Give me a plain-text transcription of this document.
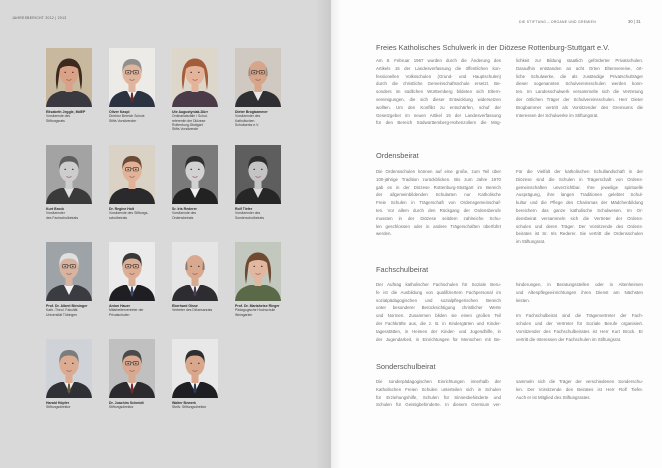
JAHRESBERICHT 2012 | 2013
Elisabeth Jeggle, MdEP
Vorsitzende des
Stiftungsrats
Oliver Kaspl
Direktor Bereich Schule
Stifts Vorsitzender
Ute Augustyniak-Dürr
Ordinariatsrätin / Schul-
referentin der Diözese
Rottenburg-Stuttgart
Stifts Vorsitzende
Dieter Brogbammer
Vorsitzender des
Katholischen
Schulwerks e.V.
Kurt Brock
Vorsitzender
des Fachschulbeirats
Dr. Regine Holt
Vorsitzende des Stiftungs-
schulbeirats
Sr. Iris Rederer
Vorsitzende des
Ordensbeirats
Rolf Tiefer
Vorsitzender des
Sonderschulbeirats
Prof. Dr. Albert Biesinger
Kath.-Theol. Fakultät
Universität Tübingen
Anton Hauer
Mitarbeitervertreter der
Privatschulen
Eberhard Gisse
Vertreter des Diözesanrats
Prof. Dr. Mariaheise Rieger
Pädagogische Hochschule
Weingarten
Harald Höpfer
Stiftungsdirektor
Dr. Joachim Schmidt
Stiftungsdirektor
Walter Bewerk
Stellv. Stiftungsdirektor
DIE STIFTUNG – ORGANE UND GREMIEN	30 | 31
Freies Katholisches Schulwerk in der Diözese Rottenburg-Stuttgart e.V.
Am 8. Februar 1967 wurden durch die Änderung des
Artikels 15 der Landesverfassung die öffentlichen kon-
fessionellen Volksschulen (Grund- und Hauptschulen)
durch die christliche Gemeinschaftsschule ersetzt. Be-
sonders im südlichen Württemberg bildeten sich Eltern-
vereinigungen, die sich dieser Entwicklung widersetzen
wollten. Um den Konflikt zu entschärfen, schuf der
Gesetzgeber im neuen Artikel 15 der Landesverfassung
für den Bereich Südwürttemberg-Hohenzollern die Mög-
lichkeit zur Bildung staatlich geförderter Privatschulen.
Daraufhin entstanden an acht Orten Elternvereine, ört-
liche Schulwerke, die als zuständige Privatschulträger
dieser sogenannten Schulvereinsschulen werden konn-
ten. Im Landesschulwerk versammelte sich die Vertretung
der örtlichen Träger der Schulvereinsschulen. Herr Dieter
Brogbammer vertritt als Vorsitzender des Gremiums die
Interessen der Schulwerke im Stiftungsrat.
Ordensbeirat
Die Ordensschulen können auf eine große, zum Teil über
100-jährige Tradition zurückblicken. Bis zum Jahre 1970
gab es in der Diözese Rottenburg-Stuttgart im Bereich
der allgemeinbildenden Schularten nur Katholische
Freie Schulen in Trägerschaft von Ordensgemeinschaf-
ten. Vor allem durch den Rückgang der Ordensberufe
mussten in der Diözese seitdem zahlreiche Schu-
len geschlossen oder in andere Trägerschaften überführt
werden.
Für die Vielfalt der katholischen Schullandschaft in der
Diözese sind die Schulen in Trägerschaft von Ordens-
gemeinschaften unverzichtbar. Ihre jeweilige spirituelle
Ausprägung, ihre langen Traditionen gelebter Schul-
kultur und die Pflege des Charismas der Mädchenbildung
bereichern das ganze katholische Schulwesen. Im Or-
densbeirat versammeln sich die Vertreter der Ordens-
schulen und deren Träger. Der Vorsitzende des Ordens-
beirates ist Sr. Iris Rederer. Sie vertritt die Ordensschulen
im Stiftungsrat.
Fachschulbeirat
Der Auftrag katholischer Fachschulen für Soziale Beru-
fe ist die Ausbildung von qualifiziertem Fachpersonal im
sozialpädagogischen und sozialpflegerischen Bereich
unter besonderer Berücksichtigung christlicher Werte
und Normen. Zusammen bilden sie einen großen Teil
der Fachkräfte aus, die z. B. in Kindergärten und Kinder-
tagesstätten, in Heimen der Kinder- und Jugendhilfe, in
der Jugendarbeit, in Einrichtungen für Menschen mit Be-
hinderungen, in Beratungsstellen oder in Altenheimen
und Altenpflegeeinrichtungen ihren Dienst am Nächsten
leisten.
Im Fachschulbeirat sind die Trägervertreter der Fach-
schulen und der Vertreter für Soziale Berufe organisiert.
Vorsitzender des Fachschulbeirates ist Herr Kurt Brock. Er
vertritt die Interessen der Fachschulen im Stiftungsrat.
Sonderschulbeirat
Die sonderpädagogischen Einrichtungen innerhalb der
Katholischen Freien Schulen unterteilen sich in Schulen
für Erziehungshilfe, Schulen für Sinnesbehinderte und
Schulen für Geistigbehinderte. In diesem Gremium ver-
sammeln sich die Träger der verschiedenen Sonderschu-
len. Der Vorsitzende des Beirates ist Herr Rolf Tiefer.
Auch er ist Mitglied des Stiftungsrates.
